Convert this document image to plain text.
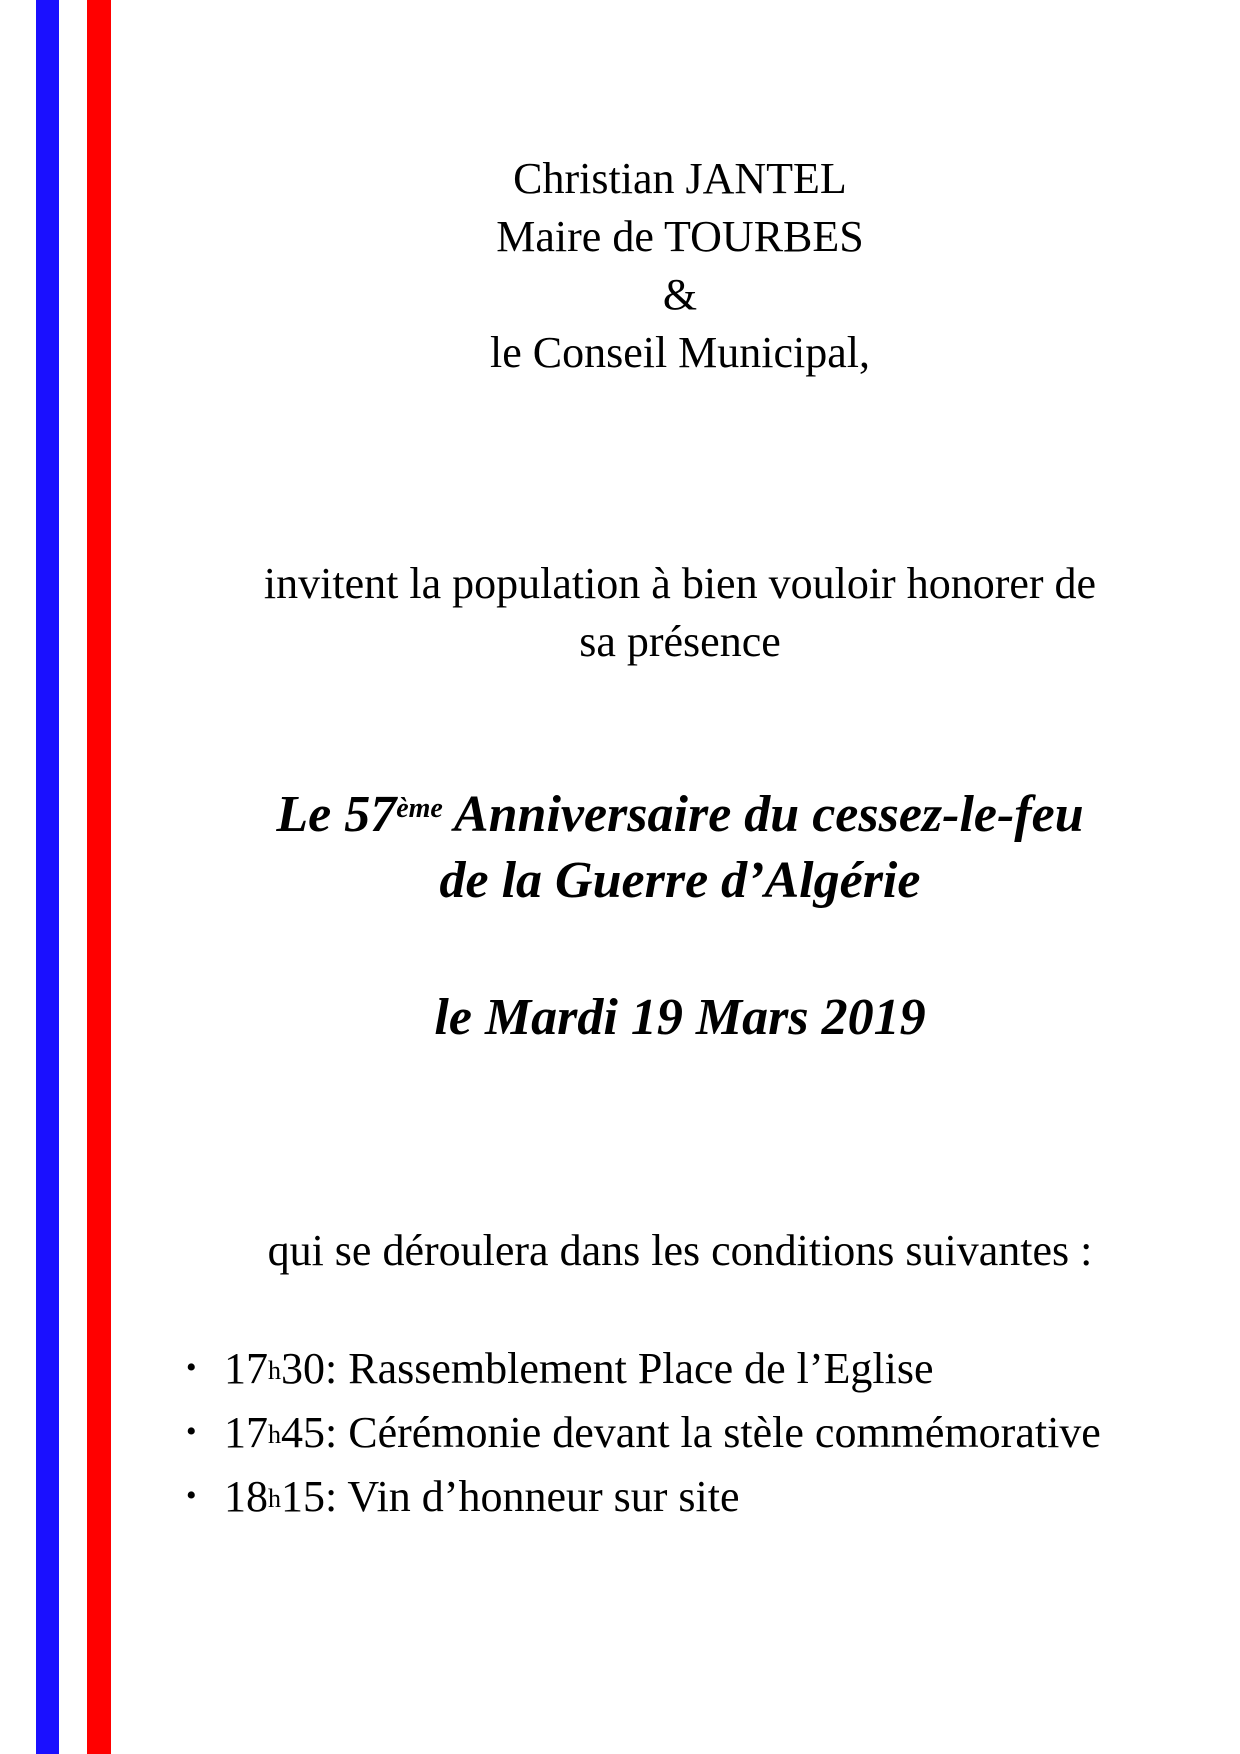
Christian JANTEL
Maire de TOURBES
&
le Conseil Municipal,
invitent la population à bien vouloir honorer de
sa présence
Le 57ème Anniversaire du cessez-le-feu
de la Guerre d’Algérie
le Mardi 19 Mars 2019
qui se déroulera dans les conditions suivantes :
• 17$^h$ 30 : Rassemblement Place de l’Eglise
• 17$^h$ 45 : Cérémonie devant la stèle commémorative
• 18$^h$ 15 : Vin d’honneur sur site
